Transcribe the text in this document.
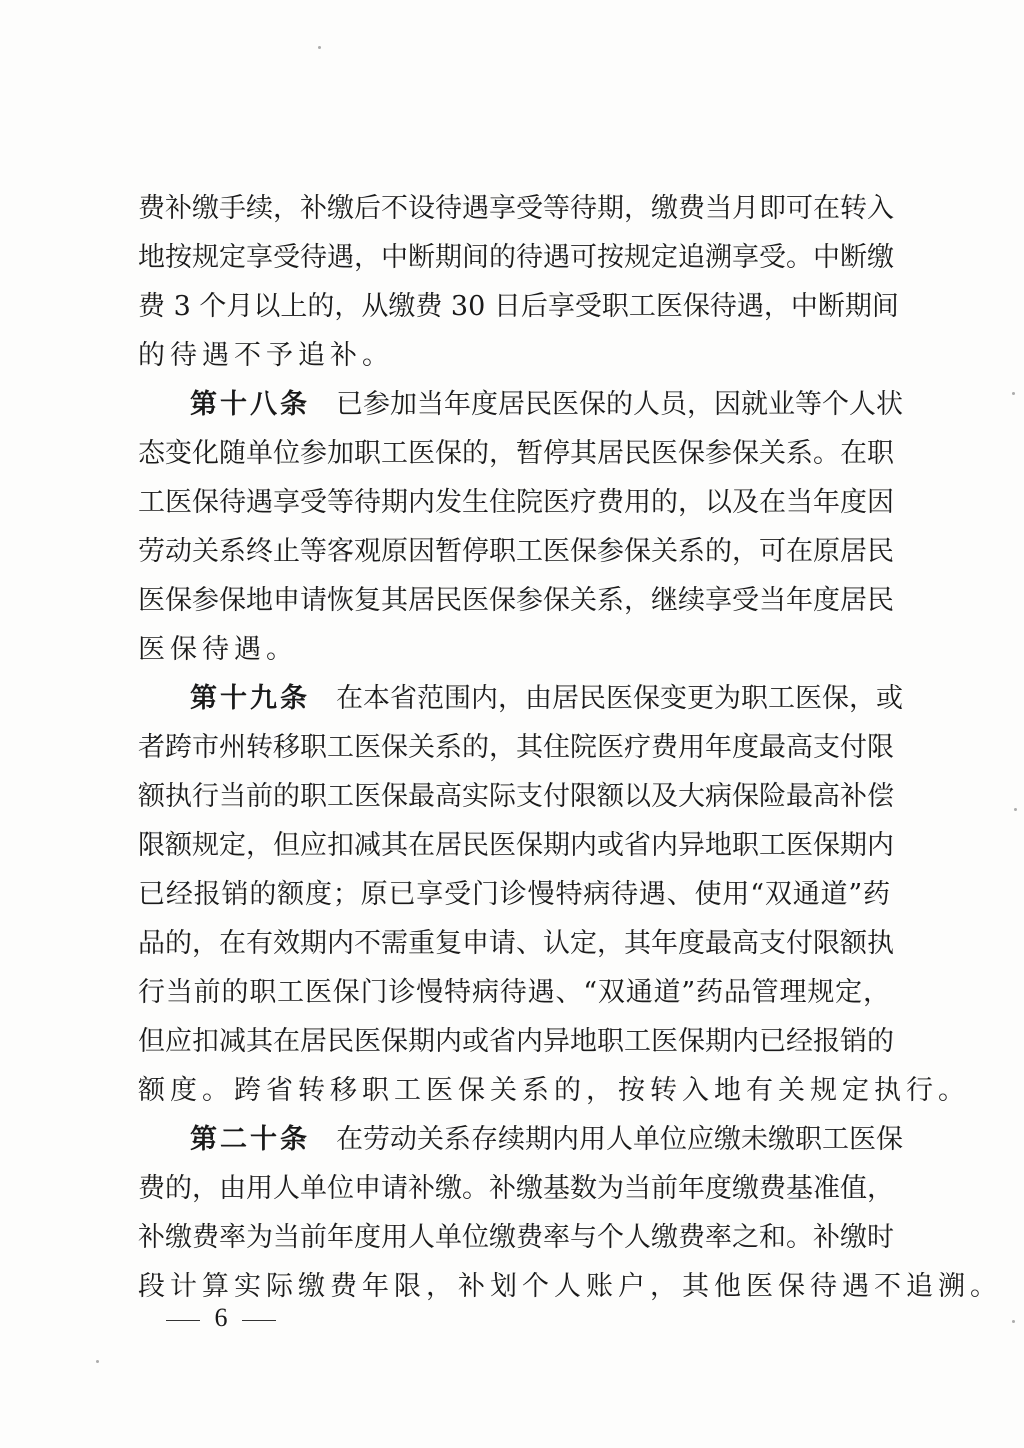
费补缴手续，补缴后不设待遇享受等待期，缴费当月即可在转入
地按规定享受待遇，中断期间的待遇可按规定追溯享受。中断缴
费 3 个月以上的，从缴费 30 日后享受职工医保待遇，中断期间
的待遇不予追补。
第十八条 已参加当年度居民医保的人员，因就业等个人状
态变化随单位参加职工医保的，暂停其居民医保参保关系。在职
工医保待遇享受等待期内发生住院医疗费用的，以及在当年度因
劳动关系终止等客观原因暂停职工医保参保关系的，可在原居民
医保参保地申请恢复其居民医保参保关系，继续享受当年度居民
医保待遇。
第十九条 在本省范围内，由居民医保变更为职工医保，或
者跨市州转移职工医保关系的，其住院医疗费用年度最高支付限
额执行当前的职工医保最高实际支付限额以及大病保险最高补偿
限额规定，但应扣减其在居民医保期内或省内异地职工医保期内
已经报销的额度；原已享受门诊慢特病待遇、使用“双通道”药
品的，在有效期内不需重复申请、认定，其年度最高支付限额执
行当前的职工医保门诊慢特病待遇、“双通道”药品管理规定，
但应扣减其在居民医保期内或省内异地职工医保期内已经报销的
额度。跨省转移职工医保关系的，按转入地有关规定执行。
第二十条 在劳动关系存续期内用人单位应缴未缴职工医保
费的，由用人单位申请补缴。补缴基数为当前年度缴费基准值，
补缴费率为当前年度用人单位缴费率与个人缴费率之和。补缴时
段计算实际缴费年限，补划个人账户，其他医保待遇不追溯。
6
